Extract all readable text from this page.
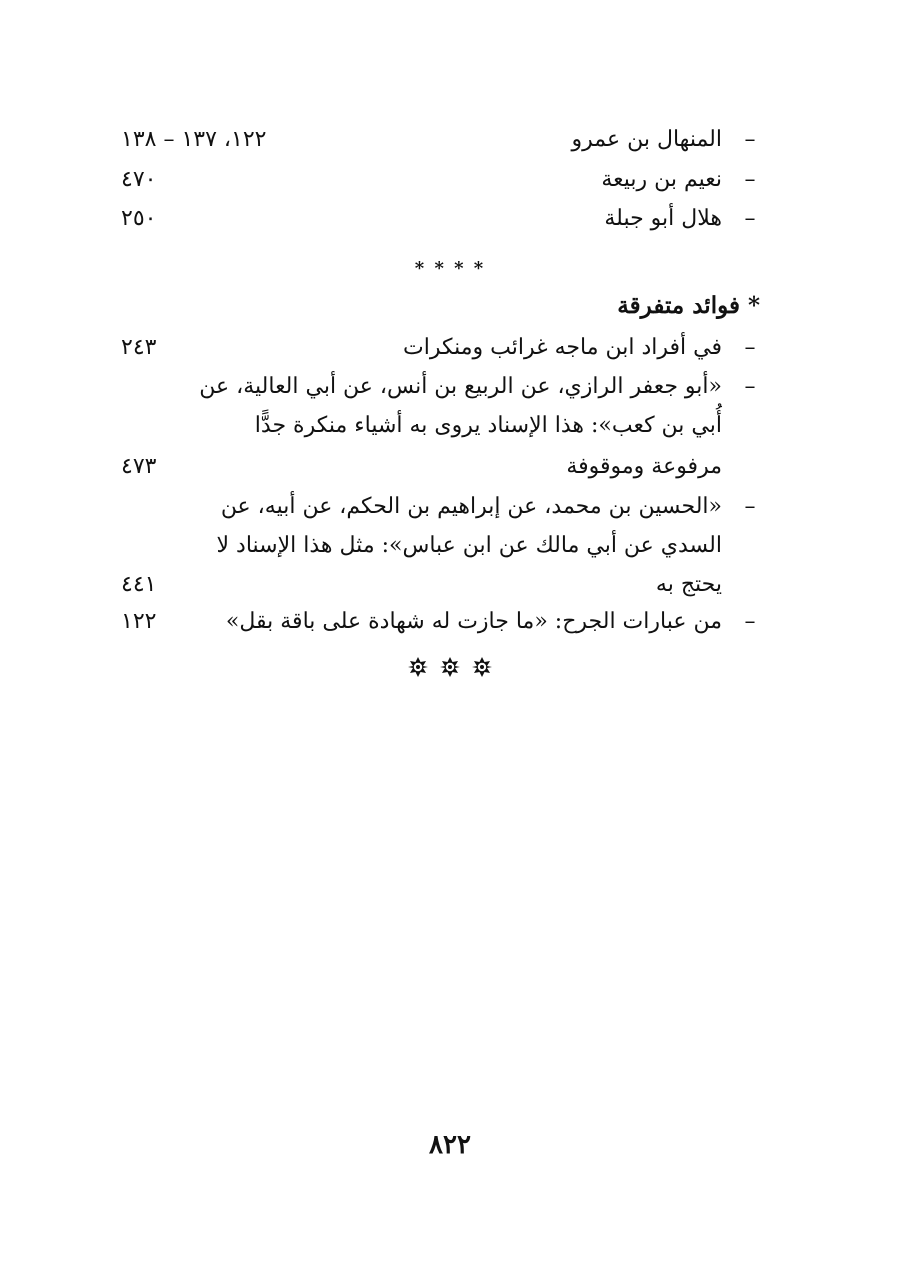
–
المنهال بن عمرو
١٢٢، ١٣٧ – ١٣٨
–
نعيم بن ربيعة
٤٧٠
–
هلال أبو جبلة
٢٥٠
* * * *
* فوائد متفرقة
–
في أفراد ابن ماجه غرائب ومنكرات
٢٤٣
–
«أبو جعفر الرازي، عن الربيع بن أنس، عن أبي العالية، عن
أُبي بن كعب»: هذا الإسناد يروى به أشياء منكرة جدًّا
مرفوعة وموقوفة
٤٧٣
–
«الحسين بن محمد، عن إبراهيم بن الحكم، عن أبيه، عن
السدي عن أبي مالك عن ابن عباس»: مثل هذا الإسناد لا
يحتج به
٤٤١
–
من عبارات الجرح: «ما جازت له شهادة على باقة بقل»
١٢٢
٨٢٢
